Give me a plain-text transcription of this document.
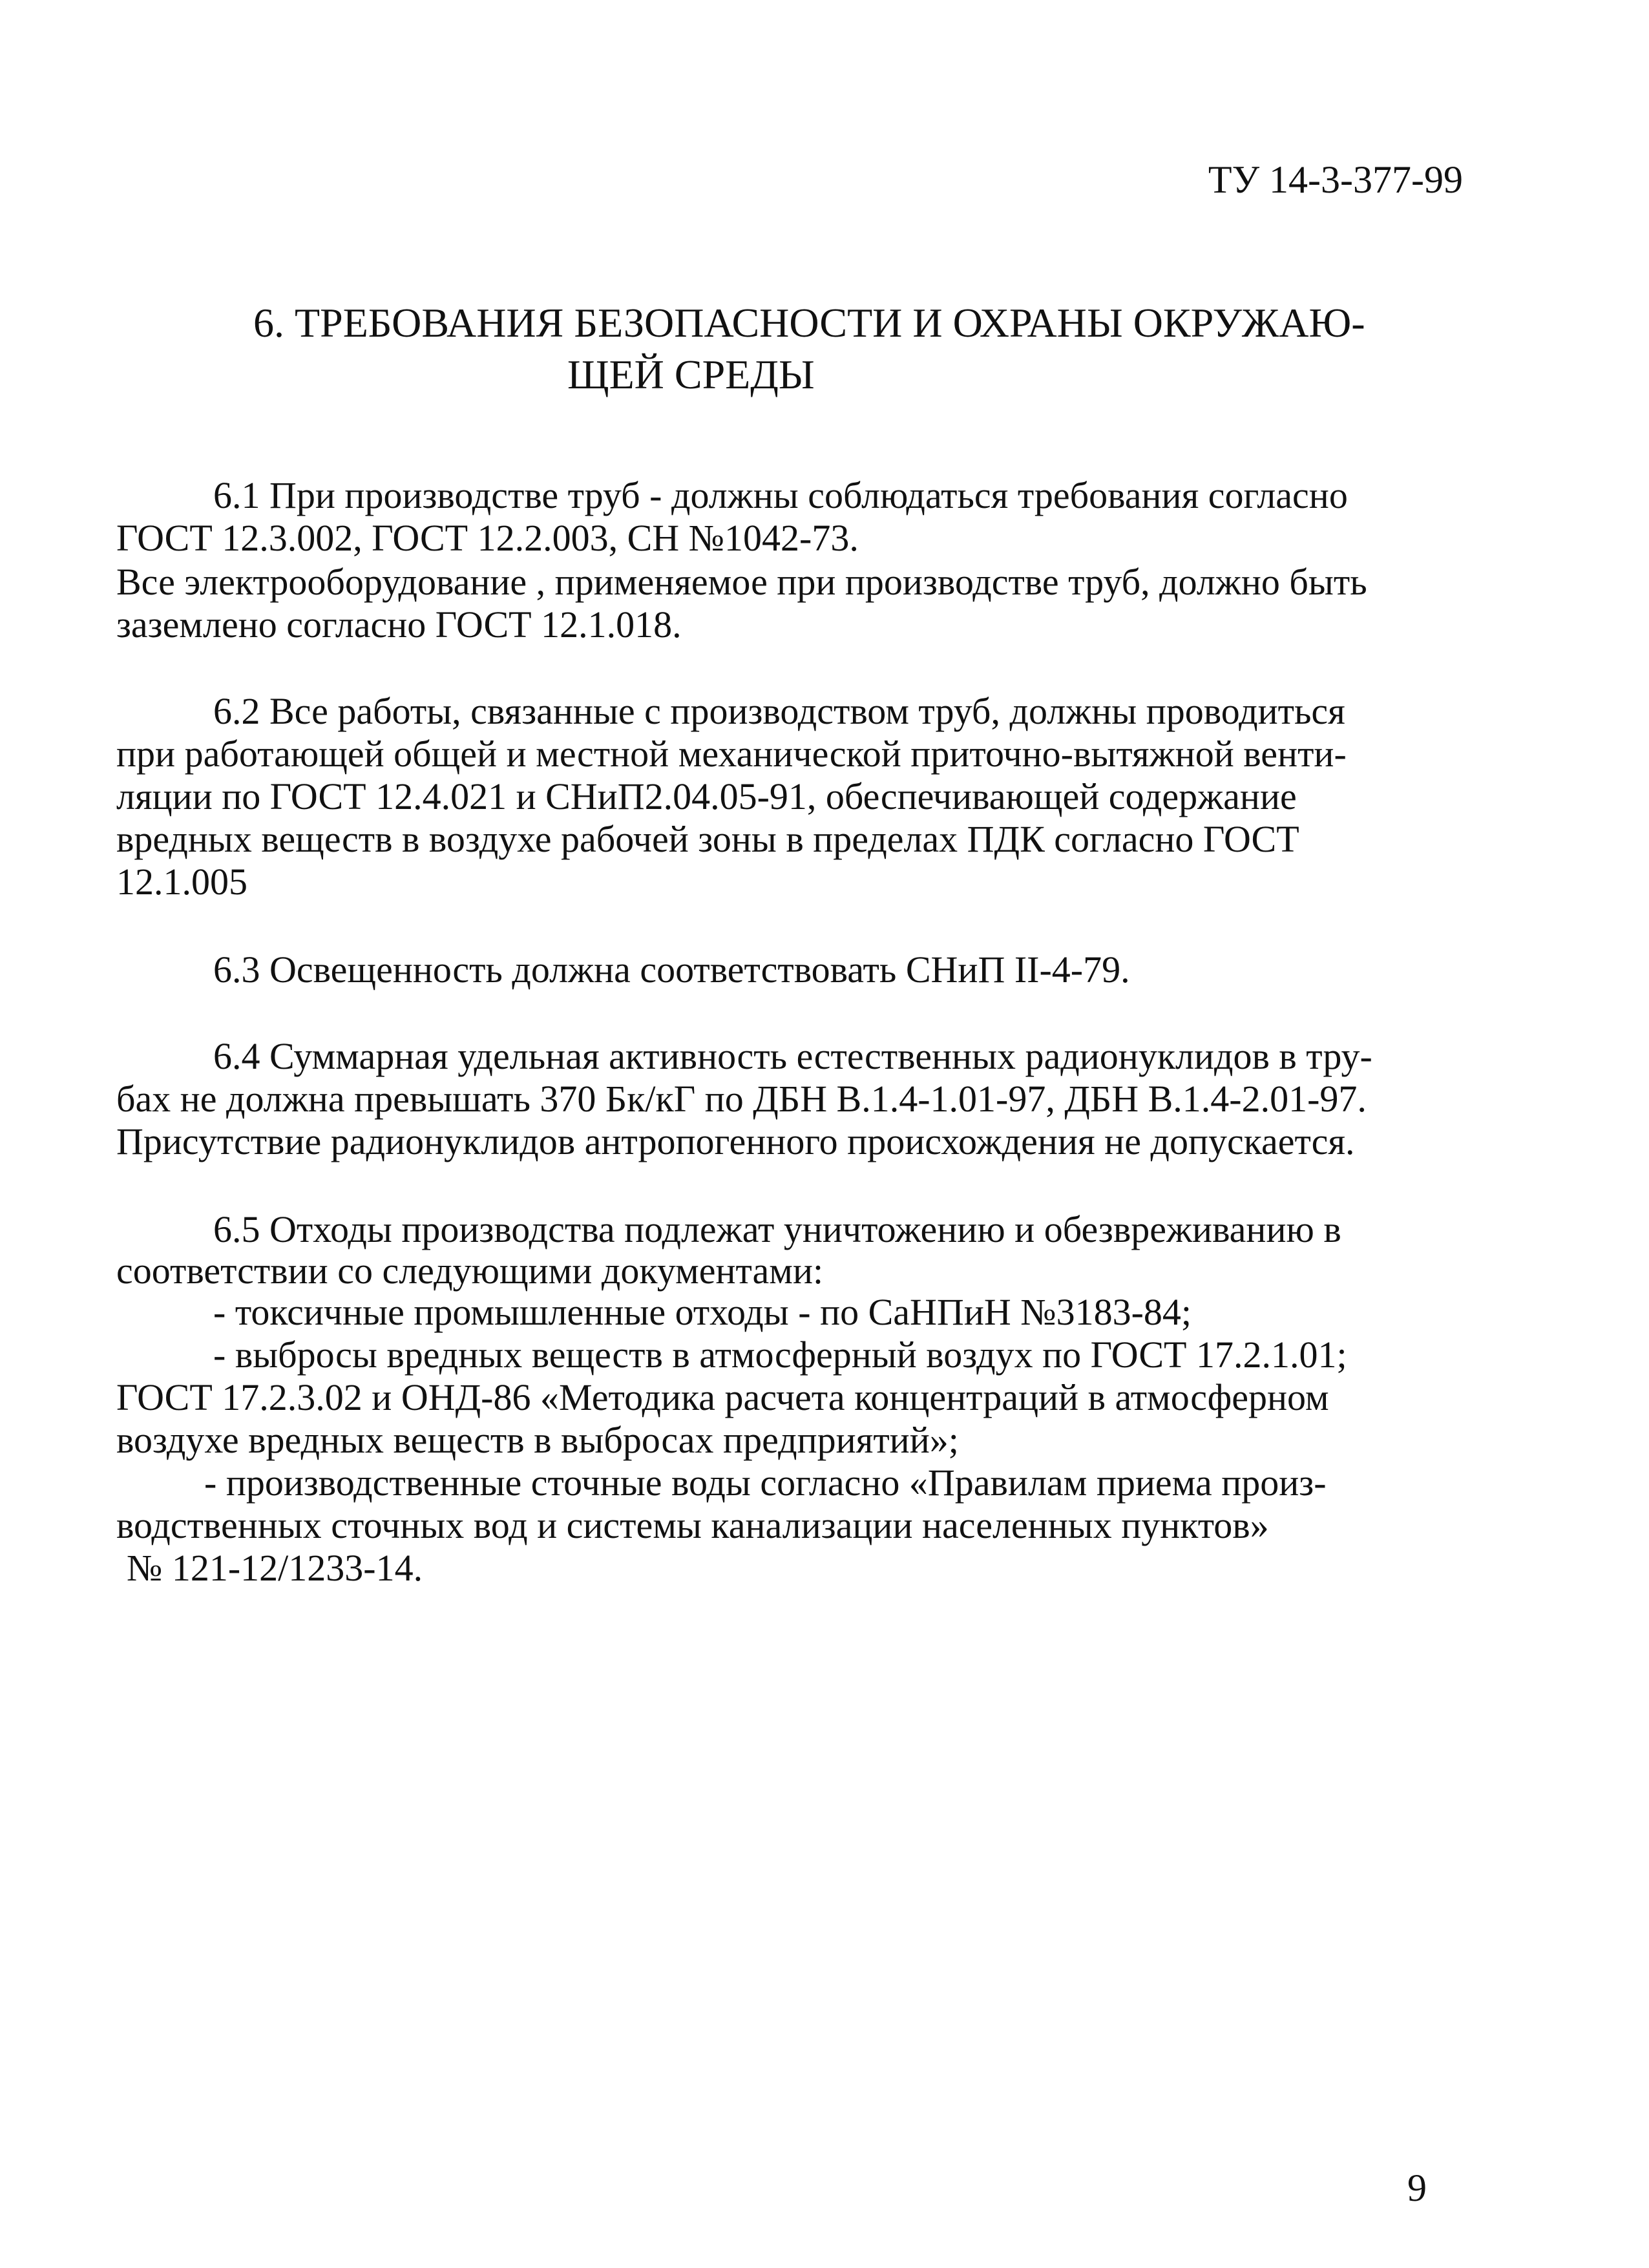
ТУ 14-3-377-99
6. ТРЕБОВАНИЯ БЕЗОПАСНОСТИ И ОХРАНЫ ОКРУЖАЮ-
ЩЕЙ СРЕДЫ
6.1 При производстве труб - должны соблюдаться требования согласно
ГОСТ 12.3.002, ГОСТ 12.2.003, СН №1042-73.
Все электрооборудование , применяемое при производстве труб, должно быть
заземлено согласно ГОСТ 12.1.018.
6.2 Все работы, связанные с производством труб, должны проводиться
при работающей общей и местной механической приточно-вытяжной венти-
ляции по ГОСТ 12.4.021 и СНиП2.04.05-91, обеспечивающей содержание
вредных веществ в воздухе рабочей зоны в пределах ПДК согласно ГОСТ
12.1.005
6.3 Освещенность должна соответствовать СНиП II-4-79.
6.4 Суммарная удельная активность естественных радионуклидов в тру-
бах не должна превышать 370 Бк/кГ по ДБН В.1.4-1.01-97, ДБН В.1.4-2.01-97.
Присутствие радионуклидов антропогенного происхождения не допускается.
6.5 Отходы производства подлежат уничтожению и обезвреживанию в
соответствии со следующими документами:
- токсичные промышленные отходы - по СаНПиН №3183-84;
- выбросы вредных веществ в атмосферный воздух по ГОСТ 17.2.1.01;
ГОСТ 17.2.3.02 и ОНД-86 «Методика расчета концентраций в атмосферном
воздухе вредных веществ в выбросах предприятий»;
- производственные сточные воды согласно «Правилам приема произ-
водственных сточных вод и системы канализации населенных пунктов»
№ 121-12/1233-14.
9
